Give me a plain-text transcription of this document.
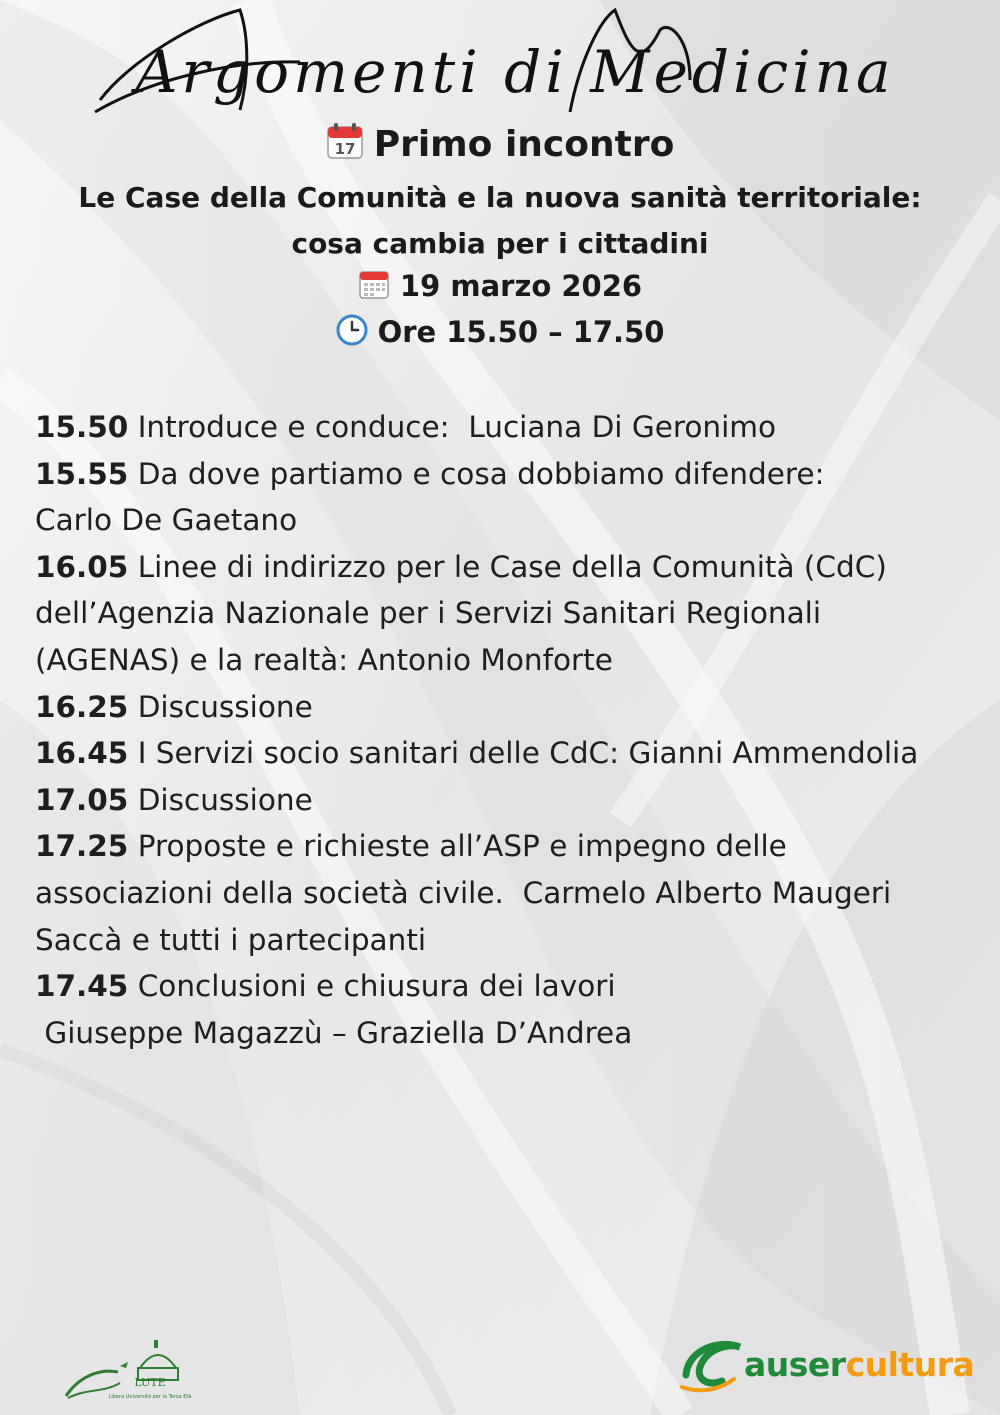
Argomenti di Medicina
17 Primo incontro
Le Case della Comunità e la nuova sanità territoriale:
cosa cambia per i cittadini
19 marzo 2026
Ore 15.50 – 17.50
15.50 Introduce e conduce:  Luciana Di Geronimo
15.55 Da dove partiamo e cosa dobbiamo difendere:
Carlo De Gaetano
16.05 Linee di indirizzo per le Case della Comunità (CdC)
dell’Agenzia Nazionale per i Servizi Sanitari Regionali
(AGENAS) e la realtà: Antonio Monforte
16.25 Discussione
16.45 I Servizi socio sanitari delle CdC: Gianni Ammendolia
17.05 Discussione
17.25 Proposte e richieste all’ASP e impegno delle
associazioni della società civile.  Carmelo Alberto Maugeri
Saccà e tutti i partecipanti
17.45 Conclusioni e chiusura dei lavori
Giuseppe Magazzù – Graziella D’Andrea
LUTE
Libera Università per la Terza Età
ausercultura
